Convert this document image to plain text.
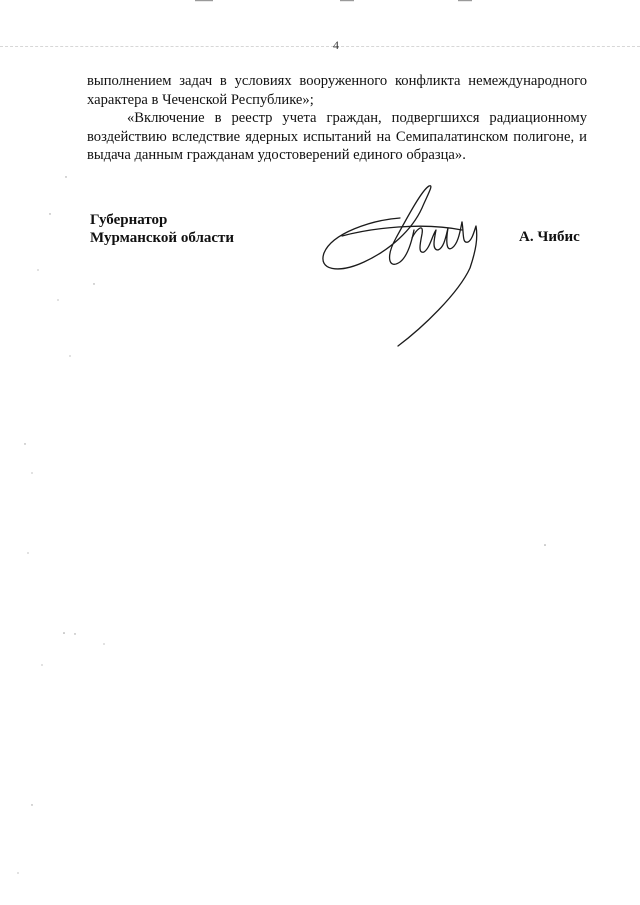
4

выполнением задач в условиях вооруженного конфликта немеждународного характера в Чеченской Республике»;

«Включение в реестр учета граждан, подвергшихся радиационному воздействию вследствие ядерных испытаний на Семипалатинском полигоне, и выдача данным гражданам удостоверений единого образца».

Губернатор
Мурманской области	А. Чибис
